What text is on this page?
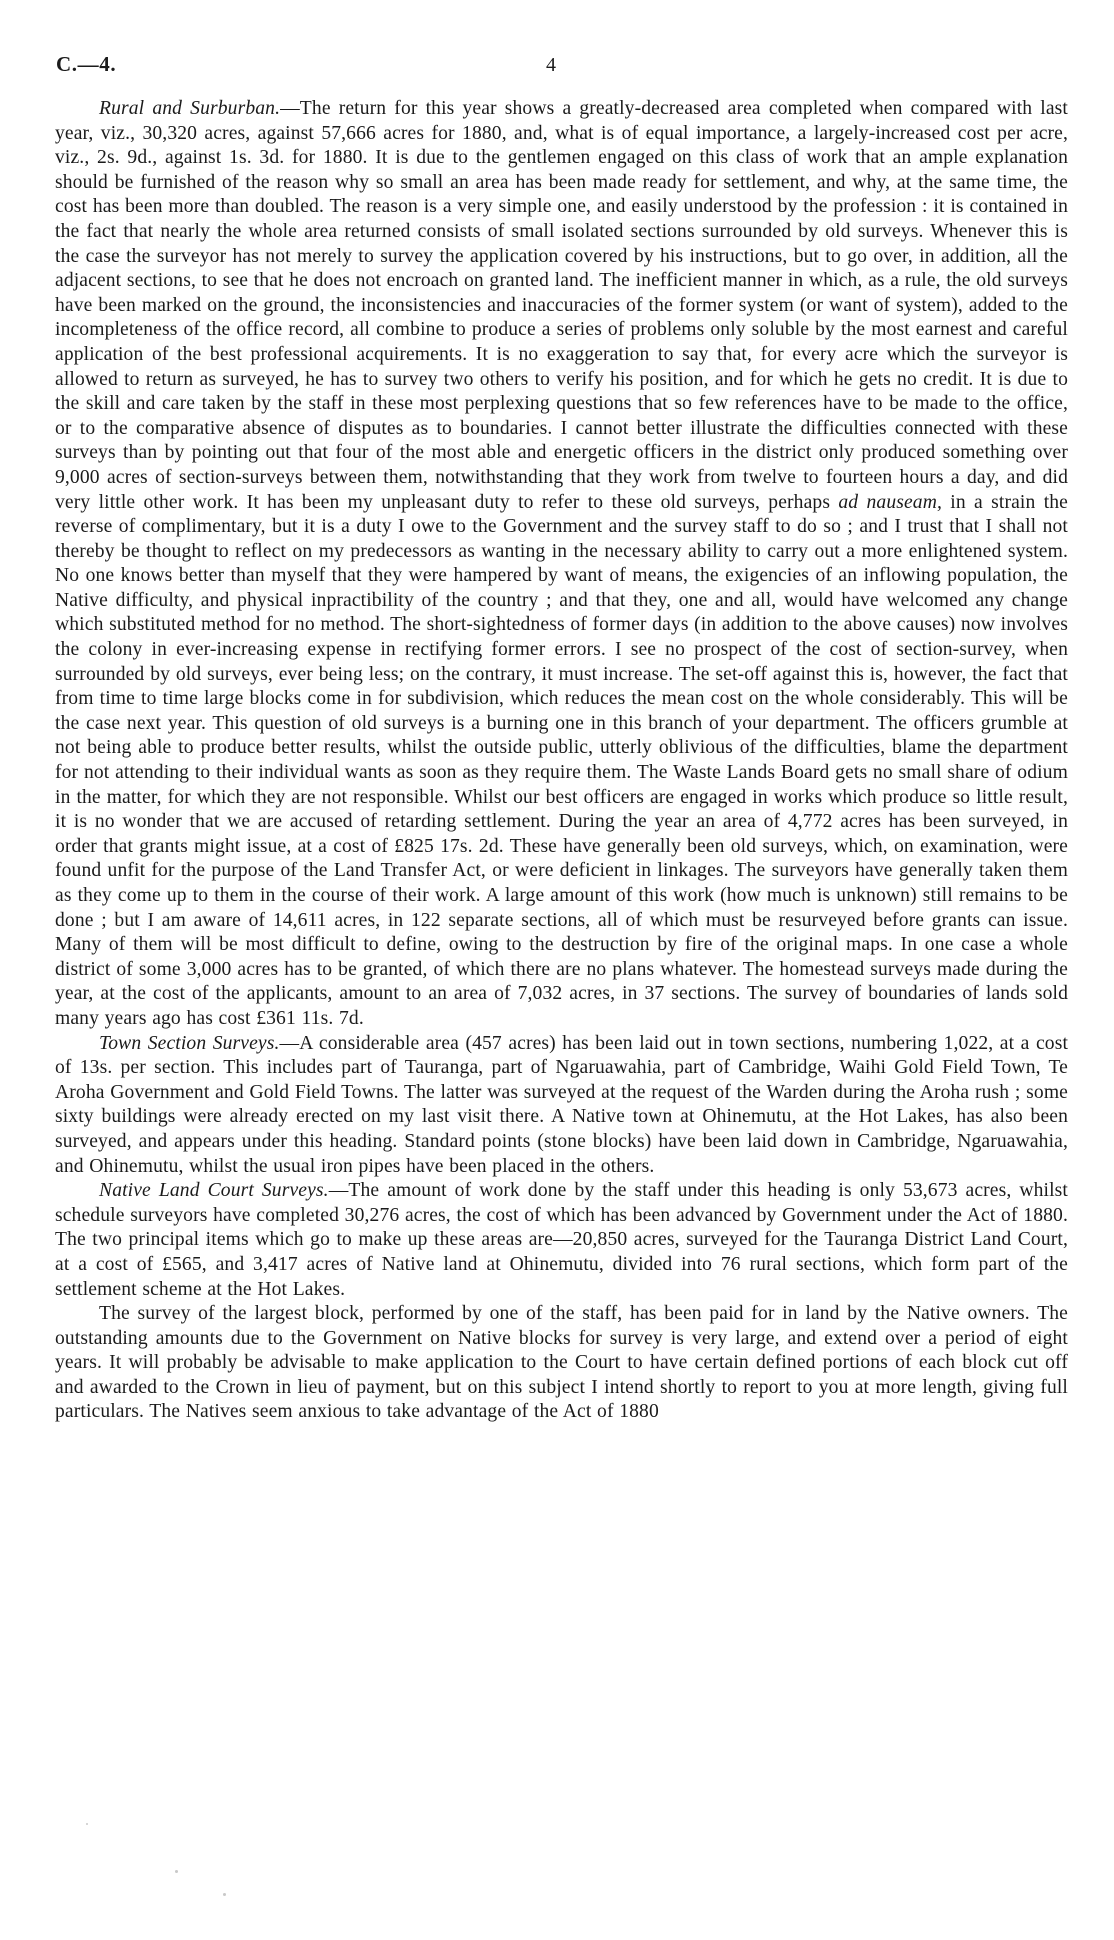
C.—4.	4

Rural and Surburban.—The return for this year shows a greatly-decreased area completed when compared with last year, viz., 30,320 acres, against 57,666 acres for 1880, and, what is of equal importance, a largely-increased cost per acre, viz., 2s. 9d., against 1s. 3d. for 1880. It is due to the gentlemen engaged on this class of work that an ample explanation should be furnished of the reason why so small an area has been made ready for settlement, and why, at the same time, the cost has been more than doubled. The reason is a very simple one, and easily understood by the profession : it is contained in the fact that nearly the whole area returned consists of small isolated sections surrounded by old surveys. Whenever this is the case the surveyor has not merely to survey the application covered by his instructions, but to go over, in addition, all the adjacent sections, to see that he does not encroach on granted land. The inefficient manner in which, as a rule, the old surveys have been marked on the ground, the inconsistencies and inaccuracies of the former system (or want of system), added to the incompleteness of the office record, all combine to produce a series of problems only soluble by the most earnest and careful application of the best professional acquirements. It is no exaggeration to say that, for every acre which the surveyor is allowed to return as surveyed, he has to survey two others to verify his position, and for which he gets no credit. It is due to the skill and care taken by the staff in these most perplexing questions that so few references have to be made to the office, or to the comparative absence of disputes as to boundaries. I cannot better illustrate the difficulties connected with these surveys than by pointing out that four of the most able and energetic officers in the district only produced something over 9,000 acres of section-surveys between them, notwithstanding that they work from twelve to fourteen hours a day, and did very little other work. It has been my unpleasant duty to refer to these old surveys, perhaps ad nauseam, in a strain the reverse of complimentary, but it is a duty I owe to the Government and the survey staff to do so ; and I trust that I shall not thereby be thought to reflect on my predecessors as wanting in the necessary ability to carry out a more enlightened system. No one knows better than myself that they were hampered by want of means, the exigencies of an inflowing population, the Native difficulty, and physical inpractibility of the country ; and that they, one and all, would have welcomed any change which substituted method for no method. The short-sightedness of former days (in addition to the above causes) now involves the colony in ever-increasing expense in rectifying former errors. I see no prospect of the cost of section-survey, when surrounded by old surveys, ever being less; on the contrary, it must increase. The set-off against this is, however, the fact that from time to time large blocks come in for subdivision, which reduces the mean cost on the whole considerably. This will be the case next year. This question of old surveys is a burning one in this branch of your department. The officers grumble at not being able to produce better results, whilst the outside public, utterly oblivious of the difficulties, blame the department for not attending to their individual wants as soon as they require them. The Waste Lands Board gets no small share of odium in the matter, for which they are not responsible. Whilst our best officers are engaged in works which produce so little result, it is no wonder that we are accused of retarding settlement. During the year an area of 4,772 acres has been surveyed, in order that grants might issue, at a cost of £825 17s. 2d. These have generally been old surveys, which, on examination, were found unfit for the purpose of the Land Transfer Act, or were deficient in linkages. The surveyors have generally taken them as they come up to them in the course of their work. A large amount of this work (how much is unknown) still remains to be done ; but I am aware of 14,611 acres, in 122 separate sections, all of which must be resurveyed before grants can issue. Many of them will be most difficult to define, owing to the destruction by fire of the original maps. In one case a whole district of some 3,000 acres has to be granted, of which there are no plans whatever. The homestead surveys made during the year, at the cost of the applicants, amount to an area of 7,032 acres, in 37 sections. The survey of boundaries of lands sold many years ago has cost £361 11s. 7d.

Town Section Surveys.—A considerable area (457 acres) has been laid out in town sections, numbering 1,022, at a cost of 13s. per section. This includes part of Tauranga, part of Ngaruawahia, part of Cambridge, Waihi Gold Field Town, Te Aroha Government and Gold Field Towns. The latter was surveyed at the request of the Warden during the Aroha rush ; some sixty buildings were already erected on my last visit there. A Native town at Ohinemutu, at the Hot Lakes, has also been surveyed, and appears under this heading. Standard points (stone blocks) have been laid down in Cambridge, Ngaruawahia, and Ohinemutu, whilst the usual iron pipes have been placed in the others.

Native Land Court Surveys.—The amount of work done by the staff under this heading is only 53,673 acres, whilst schedule surveyors have completed 30,276 acres, the cost of which has been advanced by Government under the Act of 1880. The two principal items which go to make up these areas are—20,850 acres, surveyed for the Tauranga District Land Court, at a cost of £565, and 3,417 acres of Native land at Ohinemutu, divided into 76 rural sections, which form part of the settlement scheme at the Hot Lakes.

The survey of the largest block, performed by one of the staff, has been paid for in land by the Native owners. The outstanding amounts due to the Government on Native blocks for survey is very large, and extend over a period of eight years. It will probably be advisable to make application to the Court to have certain defined portions of each block cut off and awarded to the Crown in lieu of payment, but on this subject I intend shortly to report to you at more length, giving full particulars. The Natives seem anxious to take advantage of the Act of 1880
